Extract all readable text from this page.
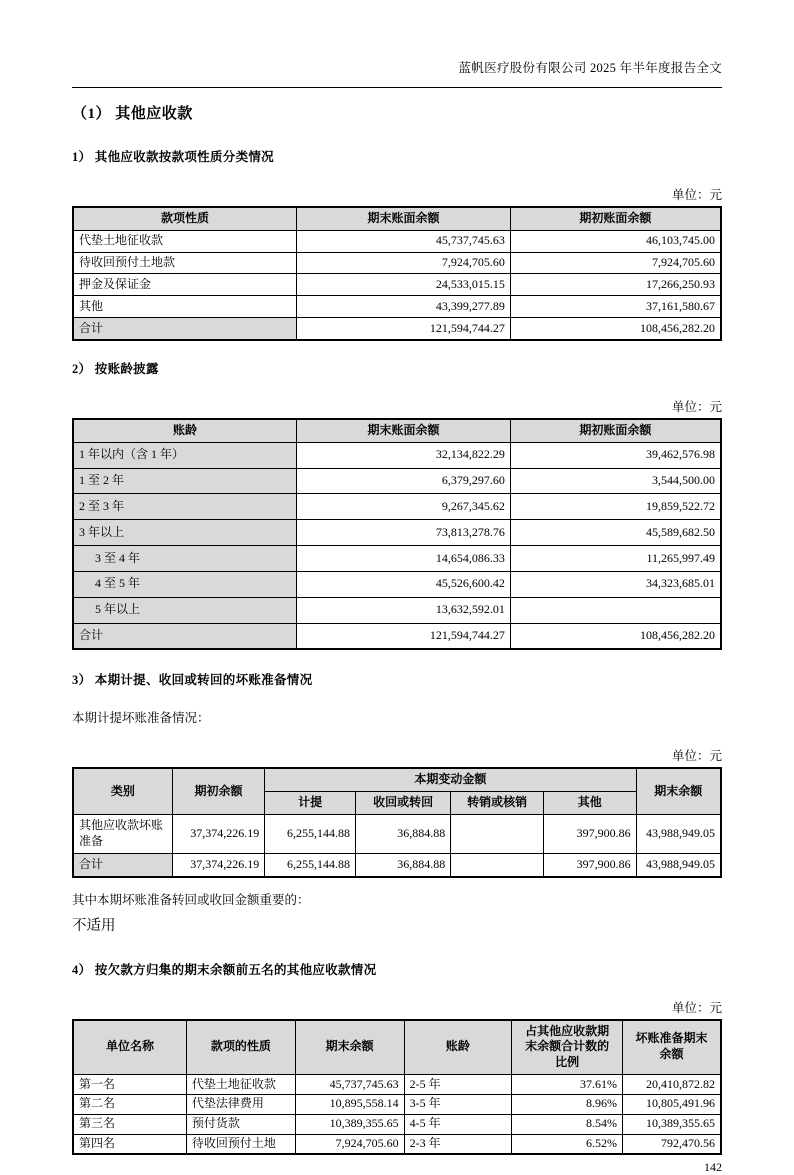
蓝帆医疗股份有限公司 2025 年半年度报告全文
（1） 其他应收款
1） 其他应收款按款项性质分类情况
单位：元
款项性质	期末账面余额	期初账面余额
代垫土地征收款	45,737,745.63	46,103,745.00
待收回预付土地款	7,924,705.60	7,924,705.60
押金及保证金	24,533,015.15	17,266,250.93
其他	43,399,277.89	37,161,580.67
合计	121,594,744.27	108,456,282.20
2） 按账龄披露
单位：元
账龄	期末账面余额	期初账面余额
1 年以内（含 1 年）	32,134,822.29	39,462,576.98
1 至 2 年	6,379,297.60	3,544,500.00
2 至 3 年	9,267,345.62	19,859,522.72
3 年以上	73,813,278.76	45,589,682.50
3 至 4 年	14,654,086.33	11,265,997.49
4 至 5 年	45,526,600.42	34,323,685.01
5 年以上	13,632,592.01	
合计	121,594,744.27	108,456,282.20
3） 本期计提、收回或转回的坏账准备情况
本期计提坏账准备情况：
单位：元
类别	期初余额	本期变动金额				期末余额
		计提	收回或转回	转销或核销	其他	
其他应收款坏账准备	37,374,226.19	6,255,144.88	36,884.88		397,900.86	43,988,949.05
合计	37,374,226.19	6,255,144.88	36,884.88		397,900.86	43,988,949.05
其中本期坏账准备转回或收回金额重要的：
不适用
4） 按欠款方归集的期末余额前五名的其他应收款情况
单位：元
单位名称	款项的性质	期末余额	账龄	占其他应收款期末余额合计数的比例	坏账准备期末余额
第一名	代垫土地征收款	45,737,745.63	2-5 年	37.61%	20,410,872.82
第二名	代垫法律费用	10,895,558.14	3-5 年	8.96%	10,805,491.96
第三名	预付货款	10,389,355.65	4-5 年	8.54%	10,389,355.65
第四名	待收回预付土地	7,924,705.60	2-3 年	6.52%	792,470.56
142
